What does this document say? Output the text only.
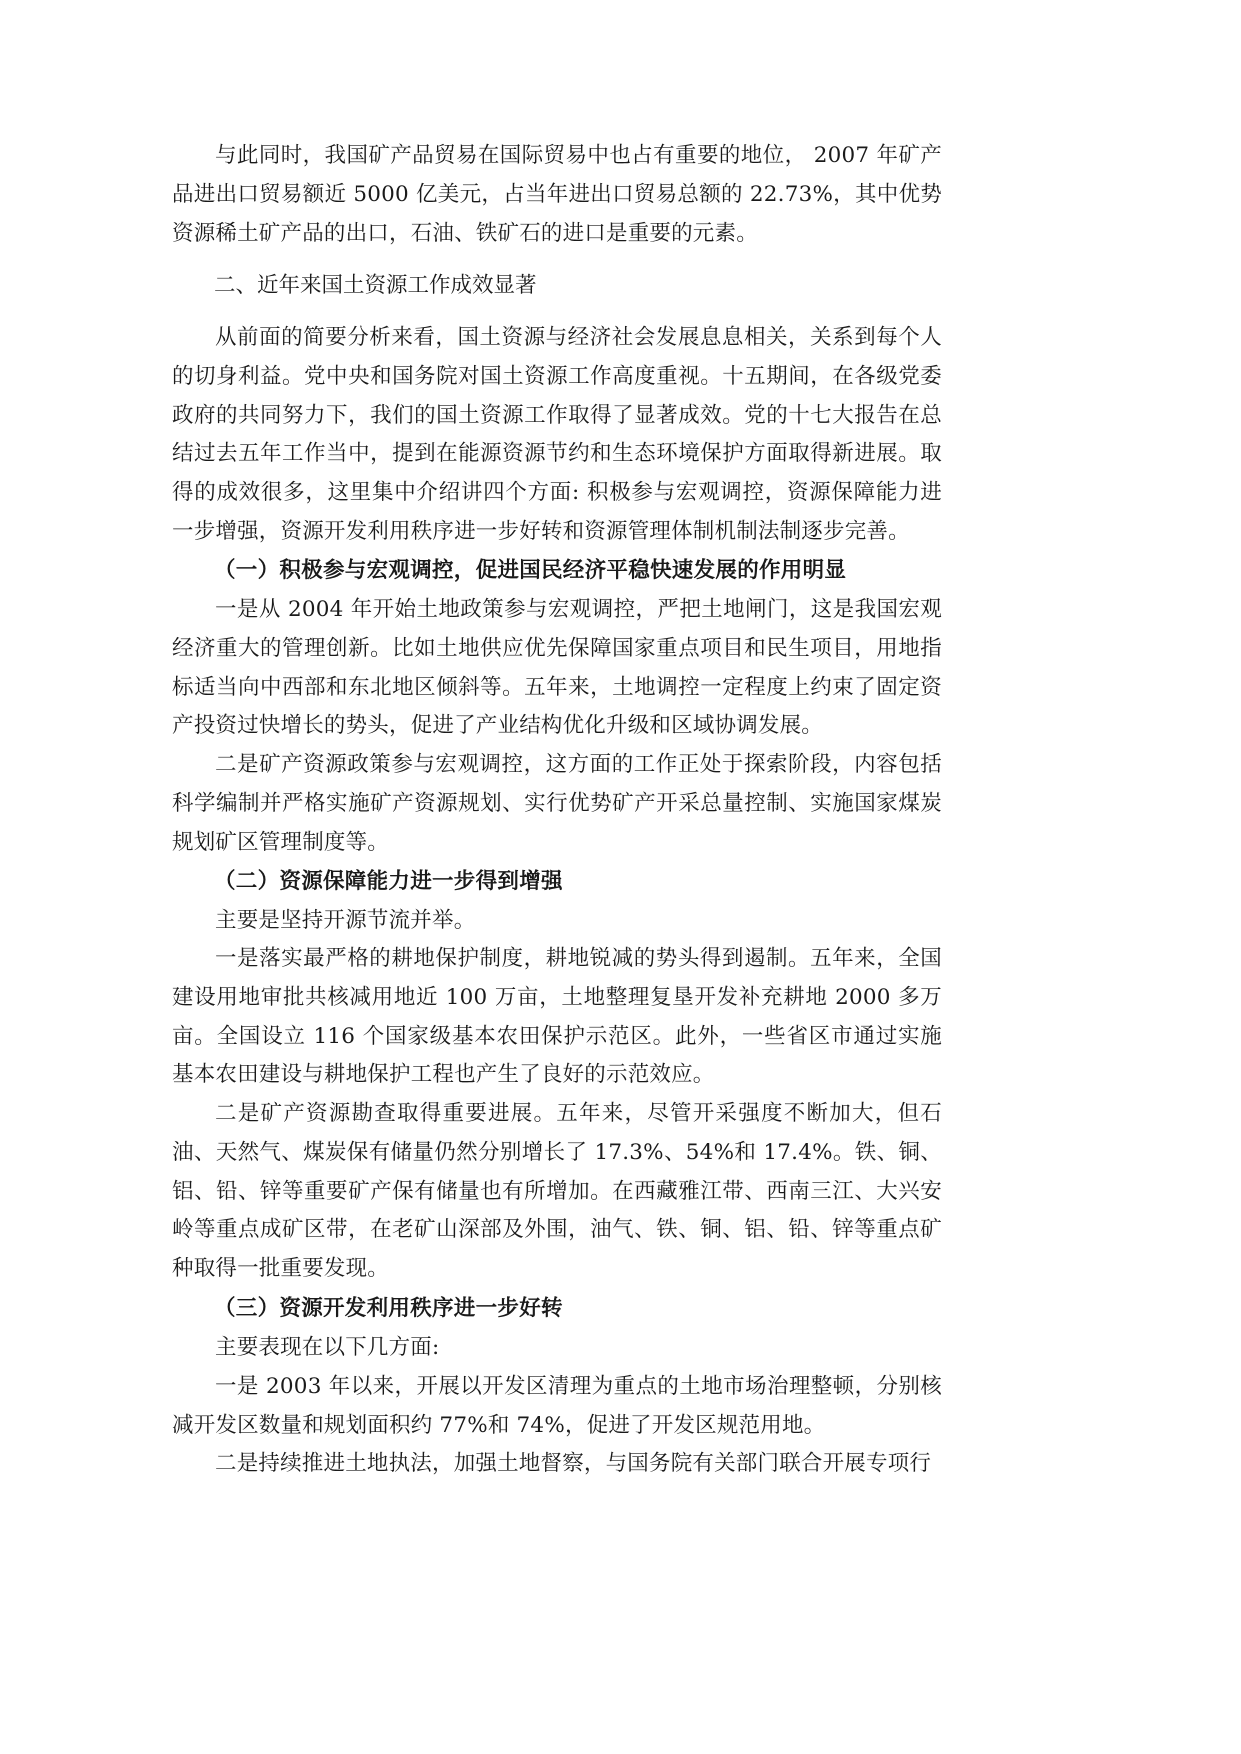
与此同时，我国矿产品贸易在国际贸易中也占有重要的地位， 2007 年矿产品进出口贸易额近 5000 亿美元，占当年进出口贸易总额的 22.73%，其中优势资源稀土矿产品的出口，石油、铁矿石的进口是重要的元素。

二、近年来国土资源工作成效显著

从前面的简要分析来看，国土资源与经济社会发展息息相关，关系到每个人的切身利益。党中央和国务院对国土资源工作高度重视。十五期间，在各级党委政府的共同努力下，我们的国土资源工作取得了显著成效。党的十七大报告在总结过去五年工作当中，提到在能源资源节约和生态环境保护方面取得新进展。取得的成效很多，这里集中介绍讲四个方面: 积极参与宏观调控，资源保障能力进一步增强，资源开发利用秩序进一步好转和资源管理体制机制法制逐步完善。

（一）积极参与宏观调控，促进国民经济平稳快速发展的作用明显

一是从 2004 年开始土地政策参与宏观调控，严把土地闸门，这是我国宏观经济重大的管理创新。比如土地供应优先保障国家重点项目和民生项目，用地指标适当向中西部和东北地区倾斜等。五年来，土地调控一定程度上约束了固定资产投资过快增长的势头，促进了产业结构优化升级和区域协调发展。

二是矿产资源政策参与宏观调控，这方面的工作正处于探索阶段，内容包括科学编制并严格实施矿产资源规划、实行优势矿产开采总量控制、实施国家煤炭规划矿区管理制度等。

（二）资源保障能力进一步得到增强

主要是坚持开源节流并举。

一是落实最严格的耕地保护制度，耕地锐减的势头得到遏制。五年来，全国建设用地审批共核减用地近 100 万亩，土地整理复垦开发补充耕地 2000 多万亩。全国设立 116 个国家级基本农田保护示范区。此外，一些省区市通过实施基本农田建设与耕地保护工程也产生了良好的示范效应。

二是矿产资源勘查取得重要进展。五年来，尽管开采强度不断加大，但石油、天然气、煤炭保有储量仍然分别增长了 17.3%、54%和 17.4%。铁、铜、铝、铅、锌等重要矿产保有储量也有所增加。在西藏雅江带、西南三江、大兴安岭等重点成矿区带，在老矿山深部及外围，油气、铁、铜、铝、铅、锌等重点矿种取得一批重要发现。

（三）资源开发利用秩序进一步好转

主要表现在以下几方面:

一是 2003 年以来，开展以开发区清理为重点的土地市场治理整顿，分别核减开发区数量和规划面积约 77%和 74%，促进了开发区规范用地。

二是持续推进土地执法，加强土地督察，与国务院有关部门联合开展专项行
